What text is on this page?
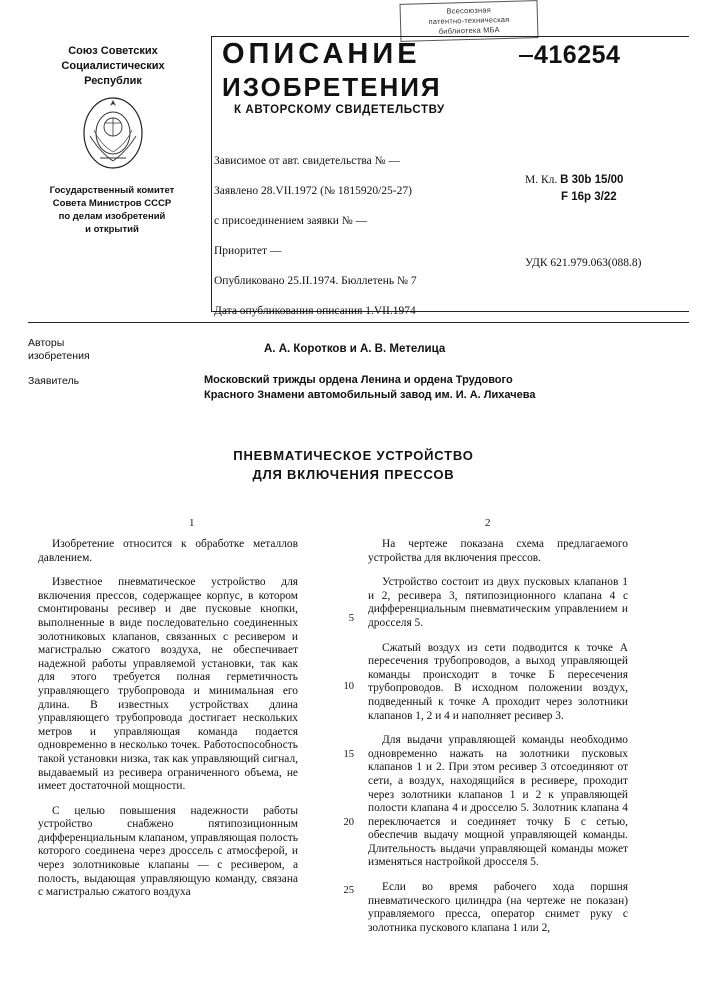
Всесоюзная
патентно-техническая
библиотека МБА
Союз Советских
Социалистических
Республик
Государственный комитет
Совета Министров СССР
по делам изобретений
и открытий
ОПИСАНИЕ
ИЗОБРЕТЕНИЯ
416254
К АВТОРСКОМУ СВИДЕТЕЛЬСТВУ
Зависимое от авт. свидетельства № —
Заявлено 28.VII.1972 (№ 1815920/25-27)
с присоединением заявки № —
Приоритет —
Опубликовано 25.II.1974. Бюллетень № 7
Дата опубликования описания 1.VII.1974
М. Кл. B 30b 15/00
F 16p 3/22
УДК 621.979.063(088.8)
Авторы
изобретения
А. А. Коротков и А. В. Метелица
Заявитель	Московский трижды ордена Ленина и ордена Трудового
Красного Знамени автомобильный завод им. И. А. Лихачева
ПНЕВМАТИЧЕСКОЕ УСТРОЙСТВО
ДЛЯ ВКЛЮЧЕНИЯ ПРЕССОВ
1	2

Изобретение относится к обработке металлов давлением.

Известное пневматическое устройство для включения прессов, содержащее корпус, в котором смонтированы ресивер и две пусковые кнопки, выполненные в виде последовательно соединенных золотниковых клапанов, связанных с ресивером и магистралью сжатого воздуха, не обеспечивает надежной работы управляемой установки, так как для этого требуется полная герметичность управляющего трубопровода и минимальная его длина. В известных устройствах длина управляющего трубопровода достигает нескольких метров и управляющая команда подается одновременно в несколько точек. Работоспособность такой установки низка, так как управляющий сигнал, выдаваемый из ресивера ограниченного объема, не имеет достаточной мощности.

С целью повышения надежности работы устройство снабжено пятипозиционным дифференциальным клапаном, управляющая полость которого соединена через дроссель с атмосферой, и через золотниковые клапаны — с ресивером, а полость, выдающая управляющую команду, связана с магистралью сжатого воздуха

5
10
15
20
25

На чертеже показана схема предлагаемого устройства для включения прессов.

Устройство состоит из двух пусковых клапанов 1 и 2, ресивера 3, пятипозиционного клапана 4 с дифференциальным пневматическим управлением и дросселя 5.

Сжатый воздух из сети подводится к точке А пересечения трубопроводов, а выход управляющей команды происходит в точке Б пересечения трубопроводов. В исходном положении воздух, подведенный к точке А проходит через золотники клапанов 1, 2 и 4 и наполняет ресивер 3.

Для выдачи управляющей команды необходимо одновременно нажать на золотники пусковых клапанов 1 и 2. При этом ресивер 3 отсоединяют от сети, а воздух, находящийся в ресивере, проходит через золотники клапанов 1 и 2 к управляющей полости клапана 4 и дросселю 5. Золотник клапана 4 переключается и соединяет точку Б с сетью, обеспечив выдачу мощной управляющей команды. Длительность выдачи управляющей команды может изменяться настройкой дросселя 5.

Если во время рабочего хода поршня пневматического цилиндра (на чертеже не показан) управляемого пресса, оператор снимет руку с золотника пускового клапана 1 или 2,
